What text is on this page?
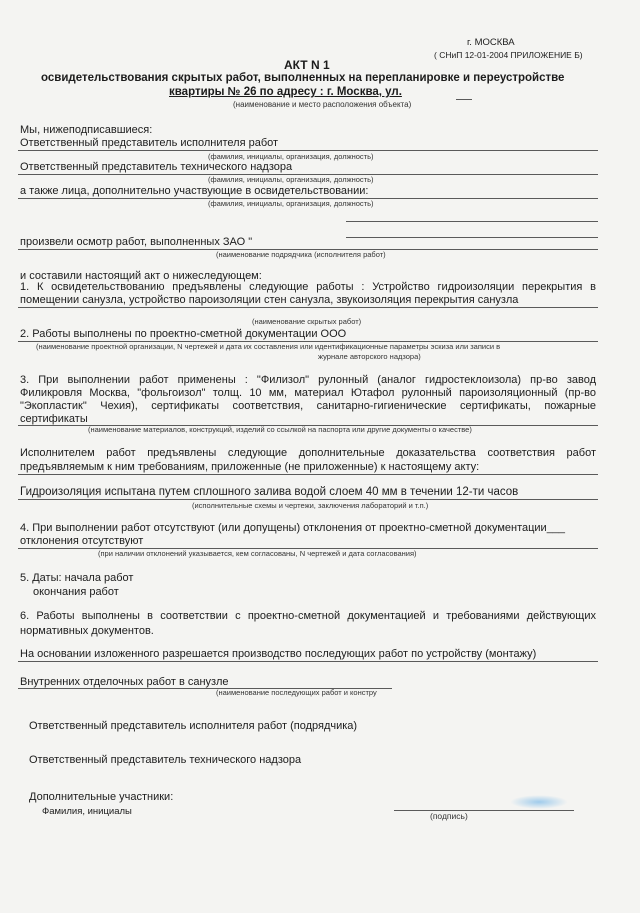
г. МОСКВА
( СНиП 12-01-2004 ПРИЛОЖЕНИЕ Б)
АКТ N 1
освидетельствования скрытых работ, выполненных на перепланировке и переустройстве
квартиры № 26 по адресу : г. Москва, ул.
(наименование и место расположения объекта)
Мы, нижеподписавшиеся:
Ответственный представитель исполнителя работ
(фамилия, инициалы, организация, должность)
Ответственный представитель технического надзора
(фамилия, инициалы, организация, должность)
а также лица, дополнительно участвующие в освидетельствовании:
(фамилия, инициалы, организация, должность)
произвели осмотр работ, выполненных ЗАО "
(наименование подрядчика (исполнителя работ)
и составили настоящий акт о нижеследующем:
1. К освидетельствованию предъявлены следующие работы : Устройство гидроизоляции перекрытия в
помещении санузла, устройство пароизоляции стен санузла, звукоизоляция перекрытия санузла
(наименование скрытых работ)
2. Работы выполнены по проектно-сметной документации ООО
(наименование проектной организации, N чертежей и дата их составления или идентификационные параметры эскиза или записи в
журнале авторского надзора)
3. При выполнении работ применены : "Филизол" рулонный (аналог гидростеклоизола) пр-во завод
Филикровля Москва, "фольгоизол" толщ. 10 мм, материал Ютафол рулонный пароизоляционный (пр-во
"Экопластик" Чехия), сертификаты соответствия, санитарно-гигиенические сертификаты, пожарные
сертификаты
(наименование материалов, конструкций, изделий со ссылкой на паспорта или другие документы о качестве)
Исполнителем работ предъявлены следующие дополнительные доказательства соответствия работ
предъявляемым к ним требованиям, приложенные (не приложенные) к настоящему акту:
Гидроизоляция испытана путем сплошного залива водой слоем 40 мм в течении 12-ти часов
(исполнительные схемы и чертежи, заключения лабораторий и т.п.)
4. При выполнении работ отсутствуют (или допущены) отклонения от проектно-сметной документации___
отклонения отсутствуют
(при наличии отклонений указывается, кем согласованы, N чертежей и дата согласования)
5. Даты: начала работ
окончания работ
6. Работы выполнены в соответствии с проектно-сметной документацией и требованиями действующих
нормативных документов.
На основании изложенного разрешается производство последующих работ по устройству (монтажу)
Внутренних отделочных работ в санузле
(наименование последующих работ и констру
Ответственный представитель исполнителя работ (подрядчика)
Ответственный представитель технического надзора
Дополнительные участники:
Фамилия, инициалы	(подпись)
